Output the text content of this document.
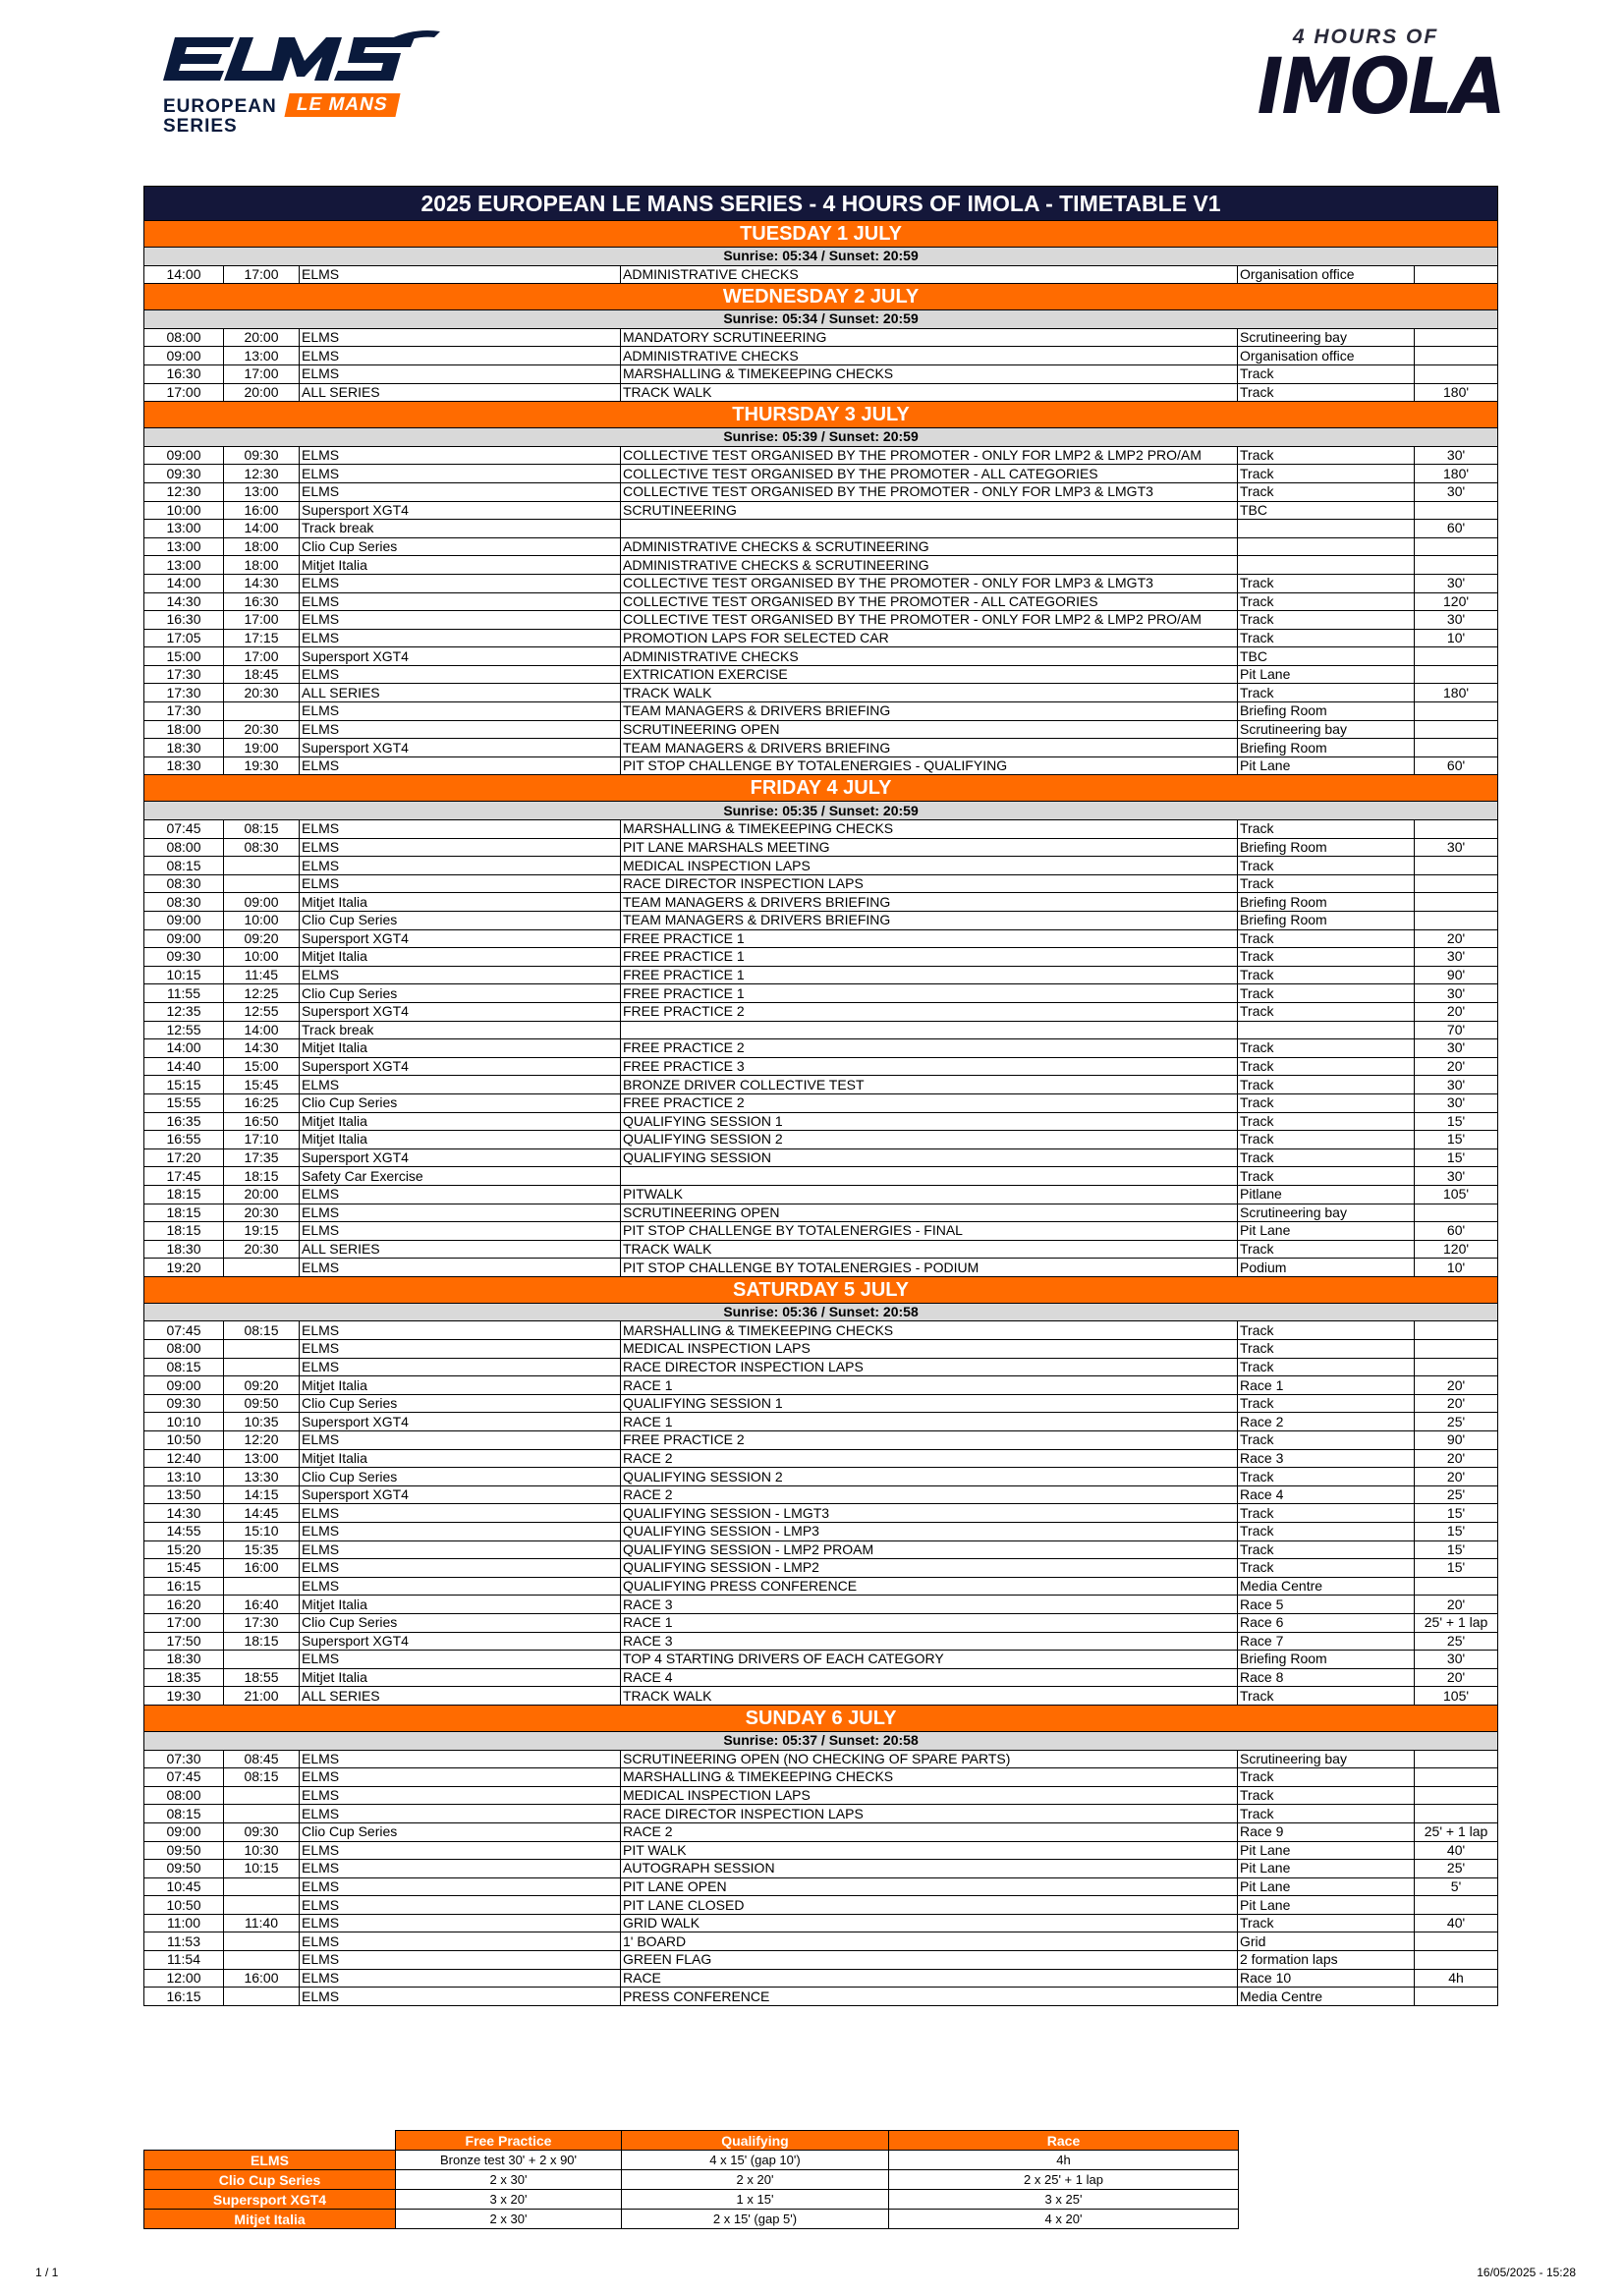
EUROPEAN LE MANS
SERIES
4 HOURS OF
IMOLA
2025 EUROPEAN LE MANS SERIES - 4 HOURS OF IMOLA - TIMETABLE V1					
TUESDAY 1 JULY					
Sunrise: 05:34 / Sunset: 20:59					
14:00	17:00	ELMS	ADMINISTRATIVE CHECKS	Organisation office	
WEDNESDAY 2 JULY					
Sunrise: 05:34 / Sunset: 20:59					
08:00	20:00	ELMS	MANDATORY SCRUTINEERING	Scrutineering bay	
09:00	13:00	ELMS	ADMINISTRATIVE CHECKS	Organisation office	
16:30	17:00	ELMS	MARSHALLING & TIMEKEEPING CHECKS	Track	
17:00	20:00	ALL SERIES	TRACK WALK	Track	180'
THURSDAY 3 JULY					
Sunrise: 05:39 / Sunset: 20:59					
09:00	09:30	ELMS	COLLECTIVE TEST ORGANISED BY THE PROMOTER - ONLY FOR LMP2 & LMP2 PRO/AM	Track	30'
09:30	12:30	ELMS	COLLECTIVE TEST ORGANISED BY THE PROMOTER - ALL CATEGORIES	Track	180'
12:30	13:00	ELMS	COLLECTIVE TEST ORGANISED BY THE PROMOTER - ONLY FOR LMP3 & LMGT3	Track	30'
10:00	16:00	Supersport XGT4	SCRUTINEERING	TBC	
13:00	14:00	Track break			60'
13:00	18:00	Clio Cup Series	ADMINISTRATIVE CHECKS & SCRUTINEERING		
13:00	18:00	Mitjet Italia	ADMINISTRATIVE CHECKS & SCRUTINEERING		
14:00	14:30	ELMS	COLLECTIVE TEST ORGANISED BY THE PROMOTER - ONLY FOR LMP3 & LMGT3	Track	30'
14:30	16:30	ELMS	COLLECTIVE TEST ORGANISED BY THE PROMOTER - ALL CATEGORIES	Track	120'
16:30	17:00	ELMS	COLLECTIVE TEST ORGANISED BY THE PROMOTER - ONLY FOR LMP2 & LMP2 PRO/AM	Track	30'
17:05	17:15	ELMS	PROMOTION LAPS FOR SELECTED CAR	Track	10'
15:00	17:00	Supersport XGT4	ADMINISTRATIVE CHECKS	TBC	
17:30	18:45	ELMS	EXTRICATION EXERCISE	Pit Lane	
17:30	20:30	ALL SERIES	TRACK WALK	Track	180'
17:30		ELMS	TEAM MANAGERS & DRIVERS BRIEFING	Briefing Room	
18:00	20:30	ELMS	SCRUTINEERING OPEN	Scrutineering bay	
18:30	19:00	Supersport XGT4	TEAM MANAGERS & DRIVERS BRIEFING	Briefing Room	
18:30	19:30	ELMS	PIT STOP CHALLENGE BY TOTALENERGIES - QUALIFYING	Pit Lane	60'
FRIDAY 4 JULY					
Sunrise: 05:35 / Sunset: 20:59					
07:45	08:15	ELMS	MARSHALLING & TIMEKEEPING CHECKS	Track	
08:00	08:30	ELMS	PIT LANE MARSHALS MEETING	Briefing Room	30'
08:15		ELMS	MEDICAL INSPECTION LAPS	Track	
08:30		ELMS	RACE DIRECTOR INSPECTION LAPS	Track	
08:30	09:00	Mitjet Italia	TEAM MANAGERS & DRIVERS BRIEFING	Briefing Room	
09:00	10:00	Clio Cup Series	TEAM MANAGERS & DRIVERS BRIEFING	Briefing Room	
09:00	09:20	Supersport XGT4	FREE PRACTICE 1	Track	20'
09:30	10:00	Mitjet Italia	FREE PRACTICE 1	Track	30'
10:15	11:45	ELMS	FREE PRACTICE 1	Track	90'
11:55	12:25	Clio Cup Series	FREE PRACTICE 1	Track	30'
12:35	12:55	Supersport XGT4	FREE PRACTICE 2	Track	20'
12:55	14:00	Track break			70'
14:00	14:30	Mitjet Italia	FREE PRACTICE 2	Track	30'
14:40	15:00	Supersport XGT4	FREE PRACTICE 3	Track	20'
15:15	15:45	ELMS	BRONZE DRIVER COLLECTIVE TEST	Track	30'
15:55	16:25	Clio Cup Series	FREE PRACTICE 2	Track	30'
16:35	16:50	Mitjet Italia	QUALIFYING SESSION 1	Track	15'
16:55	17:10	Mitjet Italia	QUALIFYING SESSION 2	Track	15'
17:20	17:35	Supersport XGT4	QUALIFYING SESSION	Track	15'
17:45	18:15	Safety Car Exercise		Track	30'
18:15	20:00	ELMS	PITWALK	Pitlane	105'
18:15	20:30	ELMS	SCRUTINEERING OPEN	Scrutineering bay	
18:15	19:15	ELMS	PIT STOP CHALLENGE BY TOTALENERGIES - FINAL	Pit Lane	60'
18:30	20:30	ALL SERIES	TRACK WALK	Track	120'
19:20		ELMS	PIT STOP CHALLENGE BY TOTALENERGIES - PODIUM	Podium	10'
SATURDAY 5 JULY					
Sunrise: 05:36 / Sunset: 20:58					
07:45	08:15	ELMS	MARSHALLING & TIMEKEEPING CHECKS	Track	
08:00		ELMS	MEDICAL INSPECTION LAPS	Track	
08:15		ELMS	RACE DIRECTOR INSPECTION LAPS	Track	
09:00	09:20	Mitjet Italia	RACE 1	Race 1	20'
09:30	09:50	Clio Cup Series	QUALIFYING SESSION 1	Track	20'
10:10	10:35	Supersport XGT4	RACE 1	Race 2	25'
10:50	12:20	ELMS	FREE PRACTICE 2	Track	90'
12:40	13:00	Mitjet Italia	RACE 2	Race 3	20'
13:10	13:30	Clio Cup Series	QUALIFYING SESSION 2	Track	20'
13:50	14:15	Supersport XGT4	RACE 2	Race 4	25'
14:30	14:45	ELMS	QUALIFYING SESSION - LMGT3	Track	15'
14:55	15:10	ELMS	QUALIFYING SESSION - LMP3	Track	15'
15:20	15:35	ELMS	QUALIFYING SESSION - LMP2 PROAM	Track	15'
15:45	16:00	ELMS	QUALIFYING SESSION - LMP2	Track	15'
16:15		ELMS	QUALIFYING PRESS CONFERENCE	Media Centre	
16:20	16:40	Mitjet Italia	RACE 3	Race 5	20'
17:00	17:30	Clio Cup Series	RACE 1	Race 6	25' + 1 lap
17:50	18:15	Supersport XGT4	RACE 3	Race 7	25'
18:30		ELMS	TOP 4 STARTING DRIVERS OF EACH CATEGORY	Briefing Room	30'
18:35	18:55	Mitjet Italia	RACE 4	Race 8	20'
19:30	21:00	ALL SERIES	TRACK WALK	Track	105'
SUNDAY 6 JULY					
Sunrise: 05:37 / Sunset: 20:58					
07:30	08:45	ELMS	SCRUTINEERING OPEN (NO CHECKING OF SPARE PARTS)	Scrutineering bay	
07:45	08:15	ELMS	MARSHALLING & TIMEKEEPING CHECKS	Track	
08:00		ELMS	MEDICAL INSPECTION LAPS	Track	
08:15		ELMS	RACE DIRECTOR INSPECTION LAPS	Track	
09:00	09:30	Clio Cup Series	RACE 2	Race 9	25' + 1 lap
09:50	10:30	ELMS	PIT WALK	Pit Lane	40'
09:50	10:15	ELMS	AUTOGRAPH SESSION	Pit Lane	25'
10:45		ELMS	PIT LANE OPEN	Pit Lane	5'
10:50		ELMS	PIT LANE CLOSED	Pit Lane	
11:00	11:40	ELMS	GRID WALK	Track	40'
11:53		ELMS	1' BOARD	Grid	
11:54		ELMS	GREEN FLAG	2 formation laps	
12:00	16:00	ELMS	RACE	Race 10	4h
16:15		ELMS	PRESS CONFERENCE	Media Centre	
	Free Practice	Qualifying	Race
ELMS	Bronze test 30' + 2 x 90'	4 x 15' (gap 10')	4h
Clio Cup Series	2 x 30'	2 x 20'	2 x 25' + 1 lap
Supersport XGT4	3 x 20'	1 x 15'	3 x 25'
Mitjet Italia	2 x 30'	2 x 15' (gap 5')	4 x 20'
1 / 1	16/05/2025 - 15:28
